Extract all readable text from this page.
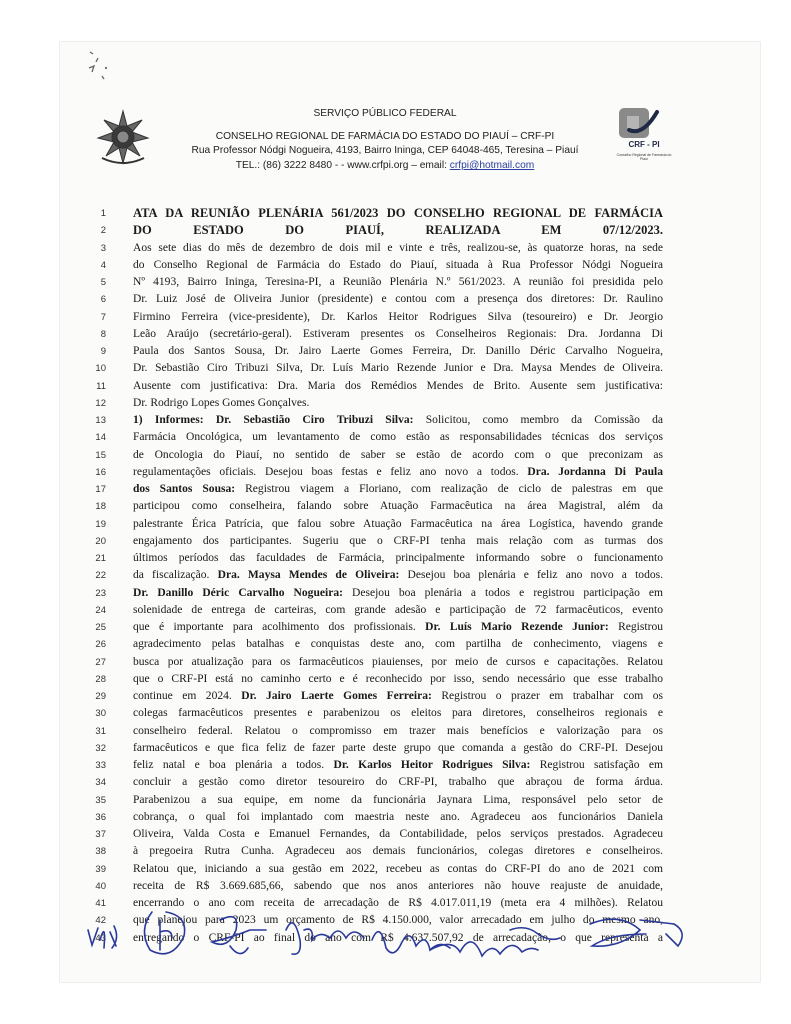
SERVIÇO PÚBLICO FEDERAL
CONSELHO REGIONAL DE FARMÁCIA DO ESTADO DO PIAUÍ – CRF-PI
Rua Professor Nódgi Nogueira, 4193, Bairro Ininga, CEP 64048-465, Teresina – Piauí
TEL.: (86) 3222 8480 - - www.crfpi.org – email: crfpi@hotmail.com
CRF - PI
Conselho Regional de Farmácia do Piauí
1 ATA DA REUNIÃO PLENÁRIA 561/2023 DO CONSELHO REGIONAL DE FARMÁCIA
2 DO ESTADO DO PIAUÍ, REALIZADA EM 07/12/2023.
3 Aos sete dias do mês de dezembro de dois mil e vinte e três, realizou-se, às quatorze horas, na sede
4 do Conselho Regional de Farmácia do Estado do Piauí, situada à Rua Professor Nódgi Nogueira
5 Nº 4193, Bairro Ininga, Teresina-PI, a Reunião Plenária N.º 561/2023. A reunião foi presidida pelo
6 Dr. Luiz José de Oliveira Junior (presidente) e contou com a presença dos diretores: Dr. Raulino
7 Firmino Ferreira (vice-presidente), Dr. Karlos Heitor Rodrigues Silva (tesoureiro) e Dr. Jeorgio
8 Leão Araújo (secretário-geral). Estiveram presentes os Conselheiros Regionais: Dra. Jordanna Di
9 Paula dos Santos Sousa, Dr. Jairo Laerte Gomes Ferreira, Dr. Danillo Déric Carvalho Nogueira,
10 Dr. Sebastião Ciro Tribuzi Silva, Dr. Luís Mario Rezende Junior e Dra. Maysa Mendes de Oliveira.
11 Ausente com justificativa: Dra. Maria dos Remédios Mendes de Brito. Ausente sem justificativa:
12 Dr. Rodrigo Lopes Gomes Gonçalves.
13 1) Informes: Dr. Sebastião Ciro Tribuzi Silva: Solicitou, como membro da Comissão da
14 Farmácia Oncológica, um levantamento de como estão as responsabilidades técnicas dos serviços
15 de Oncologia do Piauí, no sentido de saber se estão de acordo com o que preconizam as
16 regulamentações oficiais. Desejou boas festas e feliz ano novo a todos. Dra. Jordanna Di Paula
17 dos Santos Sousa: Registrou viagem a Floriano, com realização de ciclo de palestras em que
18 participou como conselheira, falando sobre Atuação Farmacêutica na área Magistral, além da
19 palestrante Érica Patrícia, que falou sobre Atuação Farmacêutica na área Logística, havendo grande
20 engajamento dos participantes. Sugeriu que o CRF-PI tenha mais relação com as turmas dos
21 últimos períodos das faculdades de Farmácia, principalmente informando sobre o funcionamento
22 da fiscalização. Dra. Maysa Mendes de Oliveira: Desejou boa plenária e feliz ano novo a todos.
23 Dr. Danillo Déric Carvalho Nogueira: Desejou boa plenária a todos e registrou participação em
24 solenidade de entrega de carteiras, com grande adesão e participação de 72 farmacêuticos, evento
25 que é importante para acolhimento dos profissionais. Dr. Luís Mario Rezende Junior: Registrou
26 agradecimento pelas batalhas e conquistas deste ano, com partilha de conhecimento, viagens e
27 busca por atualização para os farmacêuticos piauienses, por meio de cursos e capacitações. Relatou
28 que o CRF-PI está no caminho certo e é reconhecido por isso, sendo necessário que esse trabalho
29 continue em 2024. Dr. Jairo Laerte Gomes Ferreira: Registrou o prazer em trabalhar com os
30 colegas farmacêuticos presentes e parabenizou os eleitos para diretores, conselheiros regionais e
31 conselheiro federal. Relatou o compromisso em trazer mais benefícios e valorização para os
32 farmacêuticos e que fica feliz de fazer parte deste grupo que comanda a gestão do CRF-PI. Desejou
33 feliz natal e boa plenária a todos. Dr. Karlos Heitor Rodrigues Silva: Registrou satisfação em
34 concluir a gestão como diretor tesoureiro do CRF-PI, trabalho que abraçou de forma árdua.
35 Parabenizou a sua equipe, em nome da funcionária Jaynara Lima, responsável pelo setor de
36 cobrança, o qual foi implantado com maestria neste ano. Agradeceu aos funcionários Daniela
37 Oliveira, Valda Costa e Emanuel Fernandes, da Contabilidade, pelos serviços prestados. Agradeceu
38 à pregoeira Rutra Cunha. Agradeceu aos demais funcionários, colegas diretores e conselheiros.
39 Relatou que, iniciando a sua gestão em 2022, recebeu as contas do CRF-PI do ano de 2021 com
40 receita de R$ 3.669.685,66, sabendo que nos anos anteriores não houve reajuste de anuidade,
41 encerrando o ano com receita de arrecadação de R$ 4.017.011,19 (meta era 4 milhões). Relatou
42 que planejou para 2023 um orçamento de R$ 4.150.000, valor arrecadado em julho do mesmo ano,
43 entregando o CRF-PI ao final do ano com R$ 4.637.507,92 de arrecadação, o que representa a
